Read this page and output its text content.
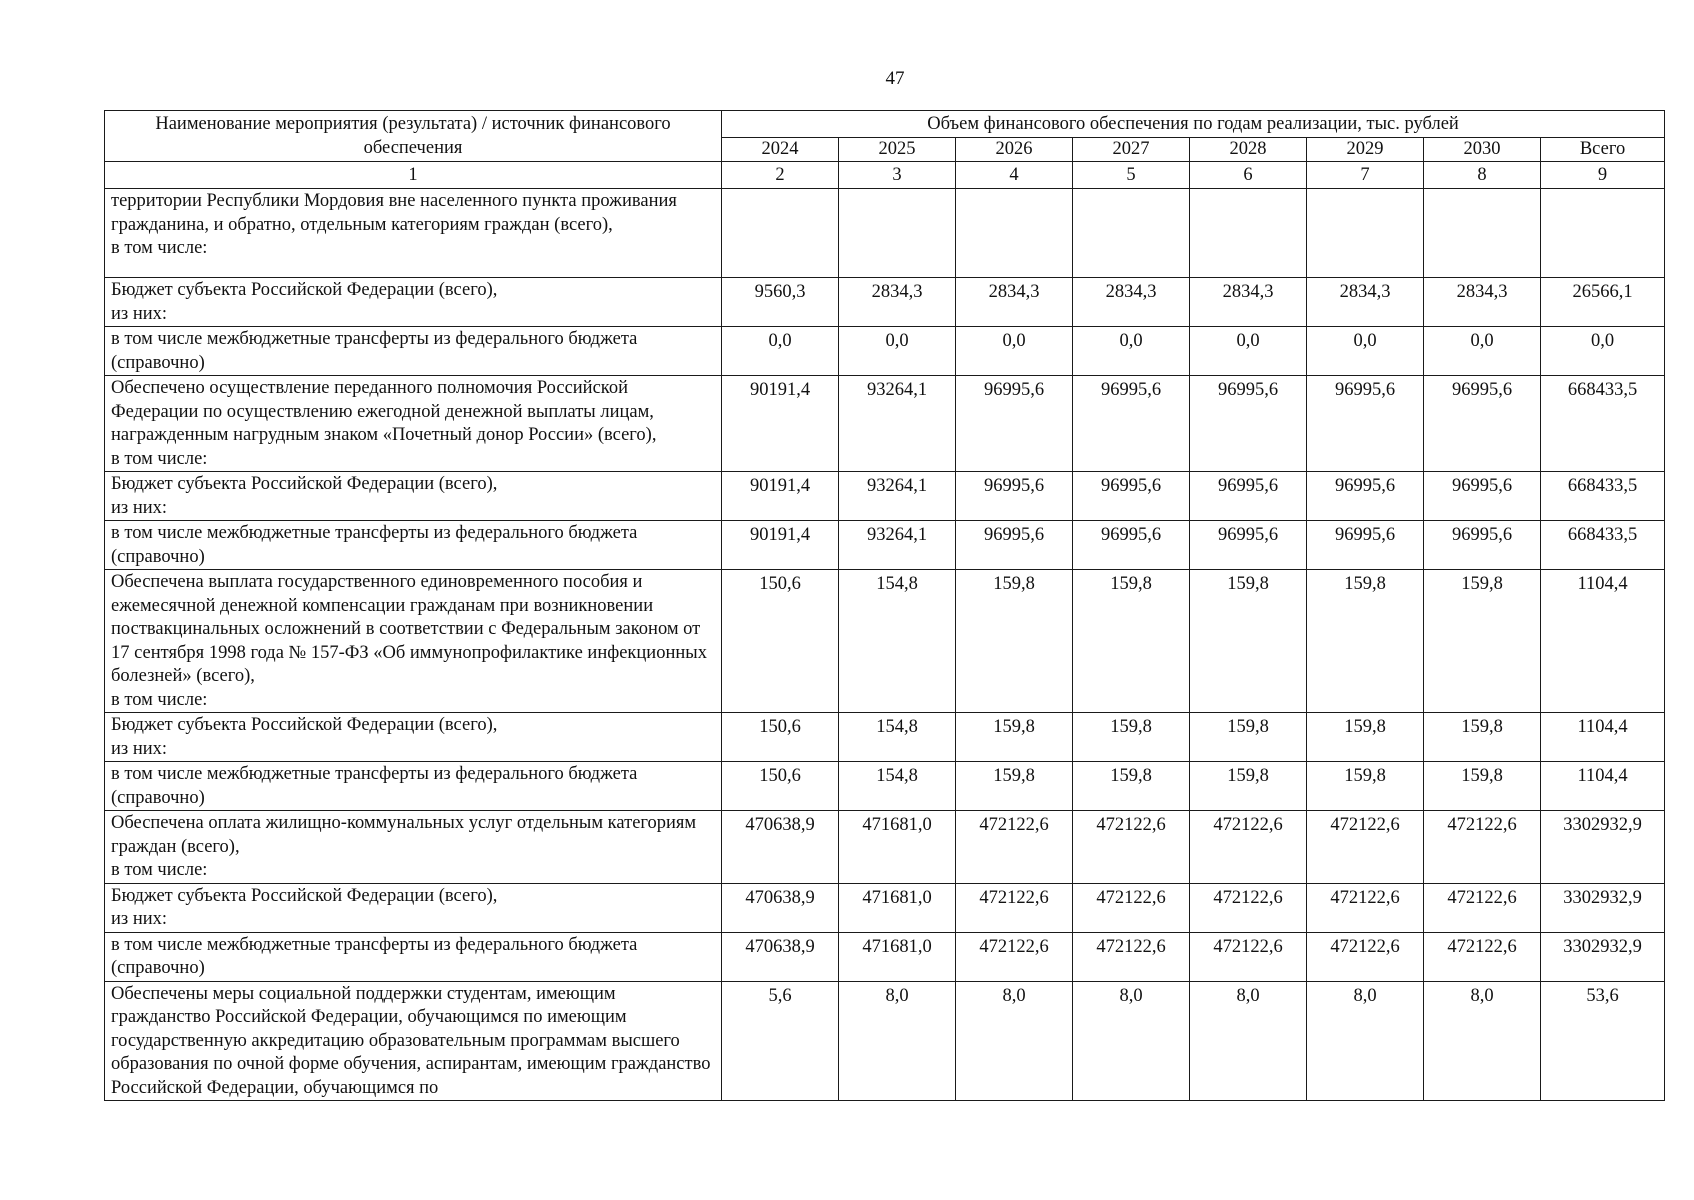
47
Наименование мероприятия (результата) / источник финансового обеспечения	Объем финансового обеспечения по годам реализации, тыс. рублей							
	2024	2025	2026	2027	2028	2029	2030	Всего
1	2	3	4	5	6	7	8	9
территории Республики Мордовия вне населенного пункта проживания гражданина, и обратно, отдельным категориям граждан (всего),
в том числе:								
Бюджет субъекта Российской Федерации (всего),
из них:	9560,3	2834,3	2834,3	2834,3	2834,3	2834,3	2834,3	26566,1
в том числе межбюджетные трансферты из федерального бюджета (справочно)	0,0	0,0	0,0	0,0	0,0	0,0	0,0	0,0
Обеспечено осуществление переданного полномочия Российской Федерации по осуществлению ежегодной денежной выплаты лицам, награжденным нагрудным знаком «Почетный донор России» (всего),
в том числе:	90191,4	93264,1	96995,6	96995,6	96995,6	96995,6	96995,6	668433,5
Бюджет субъекта Российской Федерации (всего),
из них:	90191,4	93264,1	96995,6	96995,6	96995,6	96995,6	96995,6	668433,5
в том числе межбюджетные трансферты из федерального бюджета (справочно)	90191,4	93264,1	96995,6	96995,6	96995,6	96995,6	96995,6	668433,5
Обеспечена выплата государственного единовременного пособия и ежемесячной денежной компенсации гражданам при возникновении поствакцинальных осложнений в соответствии с Федеральным законом от 17 сентября 1998 года № 157-ФЗ «Об иммунопрофилактике инфекционных болезней» (всего),
в том числе:	150,6	154,8	159,8	159,8	159,8	159,8	159,8	1104,4
Бюджет субъекта Российской Федерации (всего),
из них:	150,6	154,8	159,8	159,8	159,8	159,8	159,8	1104,4
в том числе межбюджетные трансферты из федерального бюджета (справочно)	150,6	154,8	159,8	159,8	159,8	159,8	159,8	1104,4
Обеспечена оплата жилищно-коммунальных услуг отдельным категориям граждан (всего),
в том числе:	470638,9	471681,0	472122,6	472122,6	472122,6	472122,6	472122,6	3302932,9
Бюджет субъекта Российской Федерации (всего),
из них:	470638,9	471681,0	472122,6	472122,6	472122,6	472122,6	472122,6	3302932,9
в том числе межбюджетные трансферты из федерального бюджета (справочно)	470638,9	471681,0	472122,6	472122,6	472122,6	472122,6	472122,6	3302932,9
Обеспечены меры социальной поддержки студентам, имеющим гражданство Российской Федерации, обучающимся по имеющим государственную аккредитацию образовательным программам высшего образования по очной форме обучения, аспирантам, имеющим гражданство Российской Федерации, обучающимся по	5,6	8,0	8,0	8,0	8,0	8,0	8,0	53,6
